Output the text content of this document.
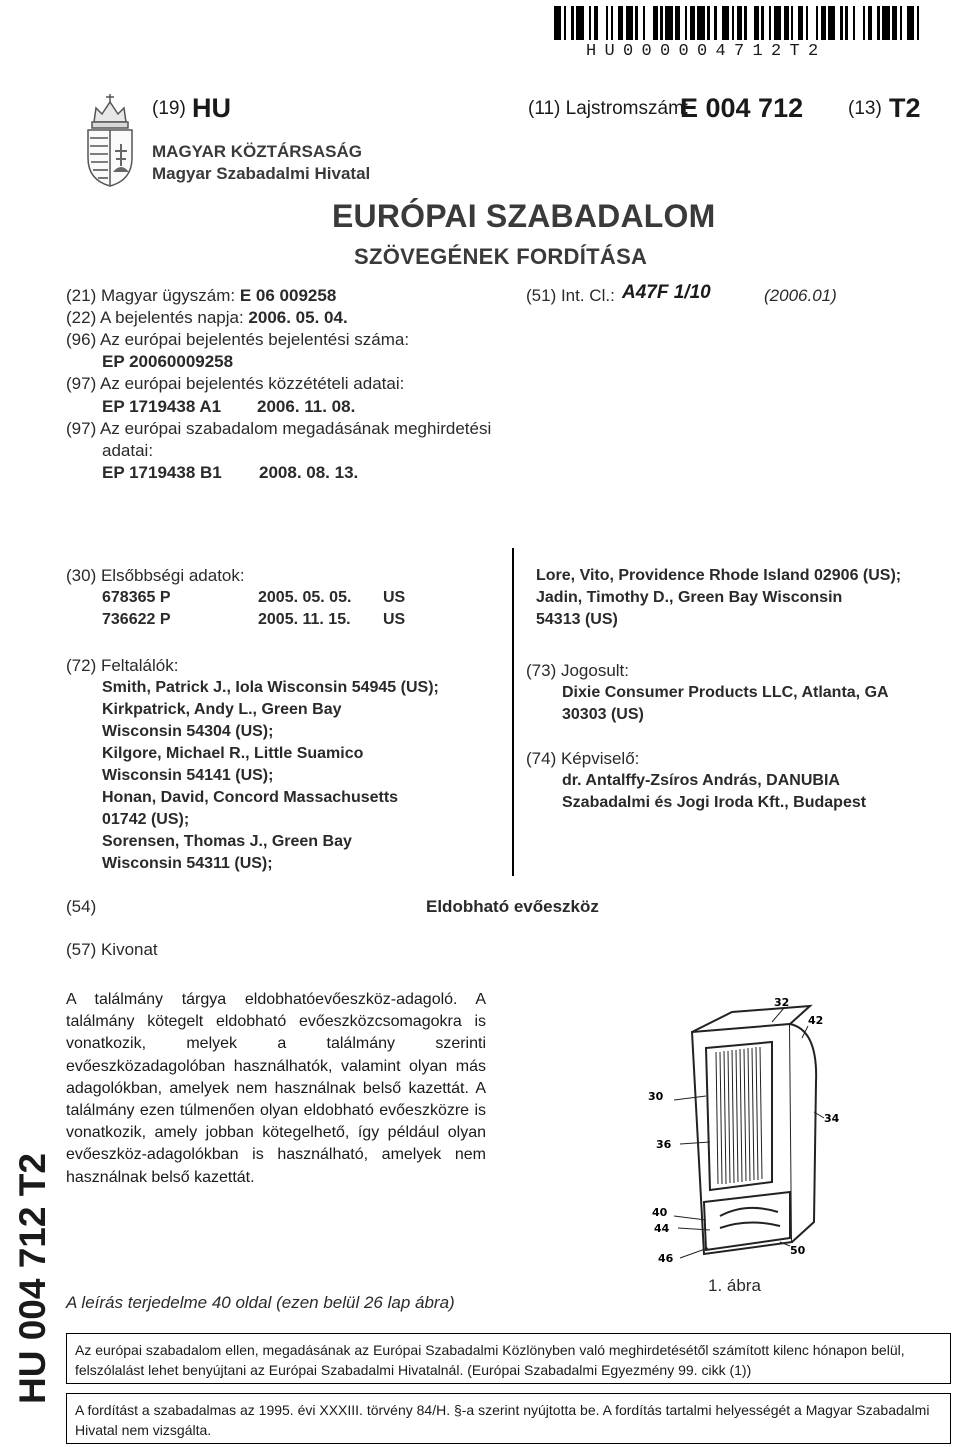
HU000004712T2
(19) HU	(11) Lajstromszám:
E 004 712 (13) T2
MAGYAR KÖZTÁRSASÁG
Magyar Szabadalmi Hivatal
EURÓPAI SZABADALOM
SZÖVEGÉNEK FORDÍTÁSA
(21) Magyar ügyszám: E 06 009258
(22) A bejelentés napja: 2006. 05. 04.
(96) Az európai bejelentés bejelentési száma:
EP 20060009258
(97) Az európai bejelentés közzétételi adatai:
EP 1719438 A1 2006. 11. 08.
(97) Az európai szabadalom megadásának meghirdetési
adatai:
EP 1719438 B1 2008. 08. 13.
(51) Int. Cl.: A47F 1/10	(2006.01)
(30) Elsőbbségi adatok:
678365 P	2005. 05. 05. US
736622 P	2005. 11. 15. US
(72) Feltalálók:
Smith, Patrick J., Iola Wisconsin 54945 (US);
Kirkpatrick, Andy L., Green Bay
Wisconsin 54304 (US);
Kilgore, Michael R., Little Suamico
Wisconsin 54141 (US);
Honan, David, Concord Massachusetts
01742 (US);
Sorensen, Thomas J., Green Bay
Wisconsin 54311 (US);
Lore, Vito, Providence Rhode Island 02906 (US);
Jadin, Timothy D., Green Bay Wisconsin
54313 (US)
(73) Jogosult:
Dixie Consumer Products LLC, Atlanta, GA
30303 (US)
(74) Képviselő:
dr. Antalffy-Zsíros András, DANUBIA
Szabadalmi és Jogi Iroda Kft., Budapest
(54)	Eldobható evőeszköz
(57) Kivonat
A találmány tárgya eldobhatóevőeszköz-adagoló. A találmány kötegelt eldobható evőeszközcsomagokra is vonatkozik, melyek a találmány szerinti evőeszközadagolóban használhatók, valamint olyan más adagolókban, amelyek nem használnak belső kazettát. A találmány ezen túlmenően olyan eldobható evőeszközre is vonatkozik, amely jobban kötegelhető, így például olyan evőeszköz-adagolókban is használható, amelyek nem használnak belső kazettát.
32
42
30
34
36
40
44
46
50
1. ábra
A leírás terjedelme 40 oldal (ezen belül 26 lap ábra)
Az európai szabadalom ellen, megadásának az Európai Szabadalmi Közlönyben való meghirdetésétől számított kilenc hónapon belül, felszólalást lehet benyújtani az Európai Szabadalmi Hivatalnál. (Európai Szabadalmi Egyezmény 99. cikk (1))
A fordítást a szabadalmas az 1995. évi XXXIII. törvény 84/H. §-a szerint nyújtotta be. A fordítás tartalmi helyességét a Magyar Szabadalmi Hivatal nem vizsgálta.
HU 004 712 T2
